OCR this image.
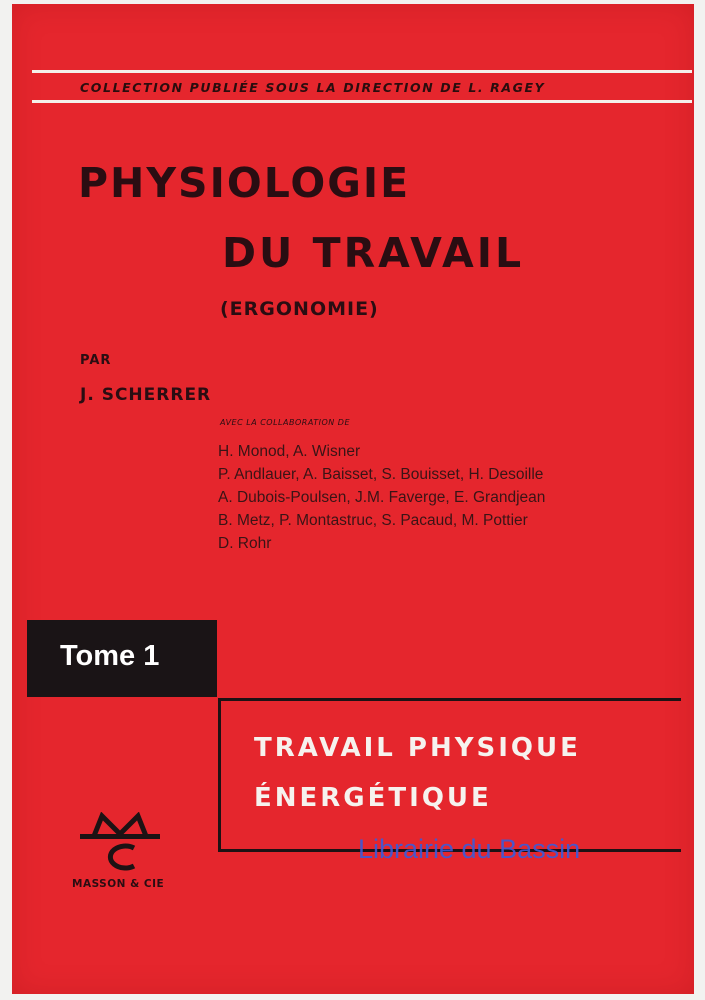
COLLECTION PUBLIÉE SOUS LA DIRECTION DE L. RAGEY
PHYSIOLOGIE
DU TRAVAIL
(ERGONOMIE)
PAR
J. SCHERRER
AVEC LA COLLABORATION DE
H. Monod, A. Wisner
P. Andlauer, A. Baisset, S. Bouisset, H. Desoille
A. Dubois-Poulsen, J.M. Faverge, E. Grandjean
B. Metz, P. Montastruc, S. Pacaud, M. Pottier
D. Rohr
Tome 1
TRAVAIL PHYSIQUE
ÉNERGÉTIQUE
MASSON & CIE
Librairie du Bassin
